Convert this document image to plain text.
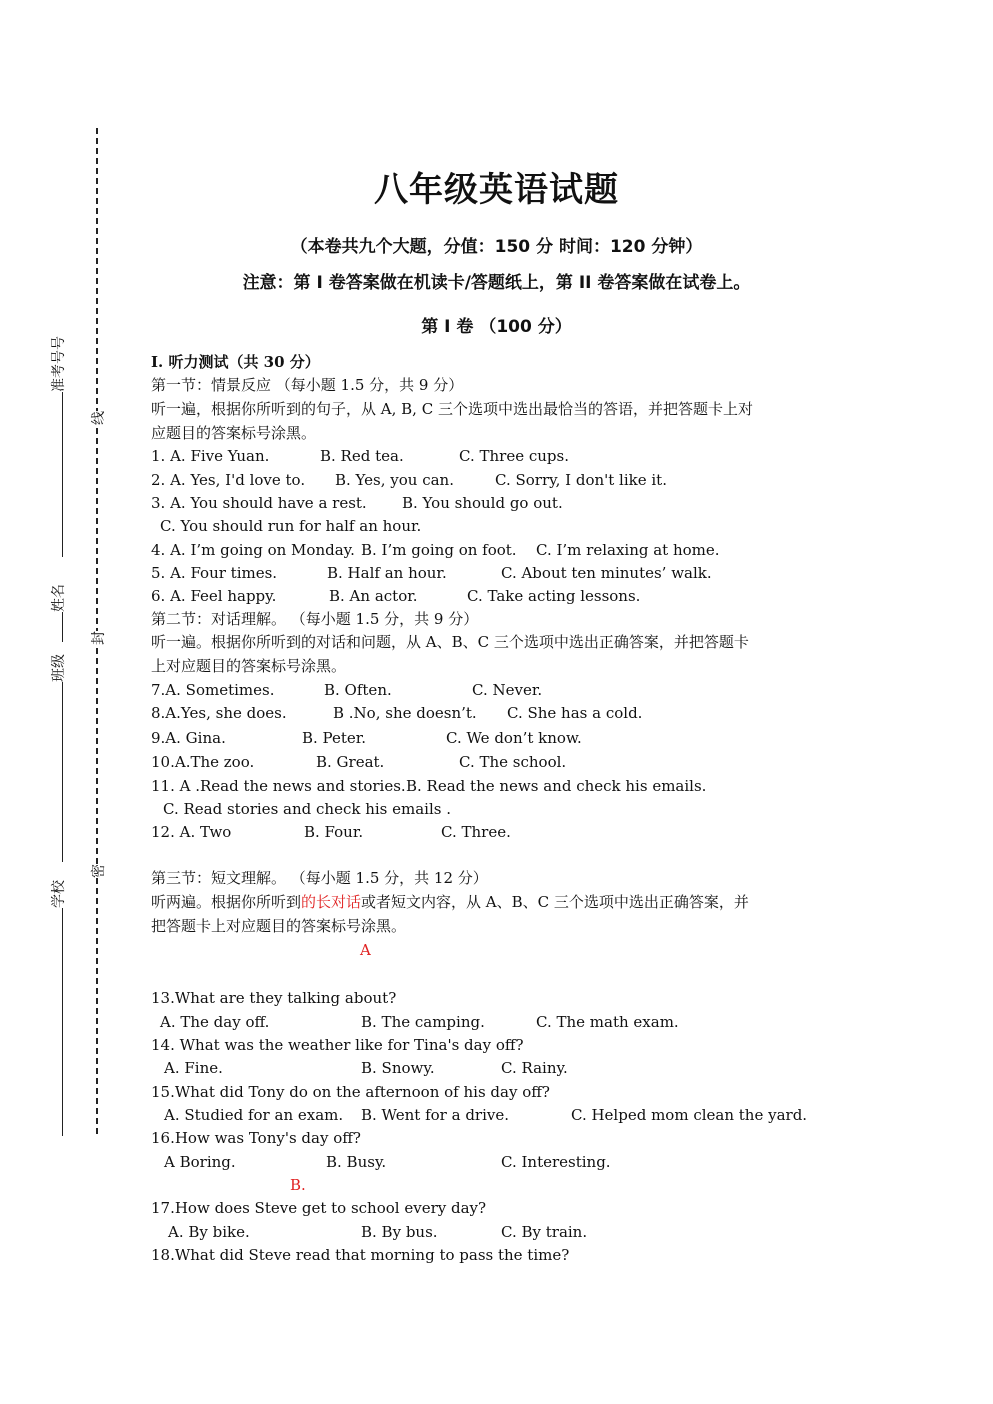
准考号号
姓名
班级
学校
线
封
密
八年级英语试题
（本卷共九个大题，分值：150 分 时间：120 分钟）
注意：第 I 卷答案做在机读卡/答题纸上，第 II 卷答案做在试卷上。
第 I 卷 （100 分）
I. 听力测试（共 30 分）
第一节：情景反应 （每小题 1.5 分，共 9 分）
听一遍，根据你所听到的句子，从 A, B, C 三个选项中选出最恰当的答语，并把答题卡上对
应题目的答案标号涂黑。
1. A. Five Yuan.	B. Red tea.	C. Three cups.
2. A. Yes, I'd love to. B. Yes, you can.	C. Sorry, I don't like it.
3. A. You should have a rest. B. You should go out.
C. You should run for half an hour.
4. A. I’m going on Monday. B. I’m going on foot. C. I’m relaxing at home.
5. A. Four times.	B. Half an hour.	C. About ten minutes’ walk.
6. A. Feel happy.	B. An actor.	C. Take acting lessons.
第二节：对话理解。 （每小题 1.5 分，共 9 分）
听一遍。根据你所听到的对话和问题，从 A、B、C 三个选项中选出正确答案，并把答题卡
上对应题目的答案标号涂黑。
7.A. Sometimes.	B. Often.	C. Never.
8.A.Yes, she does.	B .No, she doesn’t. C. She has a cold.
9.A. Gina.	B. Peter.	C. We don’t know.
10.A.The zoo.	B. Great.	C. The school.
11. A .Read the news and stories. B. Read the news and check his emails.
C. Read stories and check his emails .
12. A. Two	B. Four.	C. Three.
第三节：短文理解。 （每小题 1.5 分，共 12 分）
听两遍。根据你所听到的长对话或者短文内容，从 A、B、C 三个选项中选出正确答案，并
把答题卡上对应题目的答案标号涂黑。
A
13.What are they talking about?
A. The day off.	B. The camping.	C. The math exam.
14. What was the weather like for Tina's day off?
A. Fine.	B. Snowy.	C. Rainy.
15.What did Tony do on the afternoon of his day off?
A. Studied for an exam. B. Went for a drive.	C. Helped mom clean the yard.
16.How was Tony's day off?
A Boring.	B. Busy.	C. Interesting.
B.
17.How does Steve get to school every day?
A. By bike.	B. By bus.	C. By train.
18.What did Steve read that morning to pass the time?
